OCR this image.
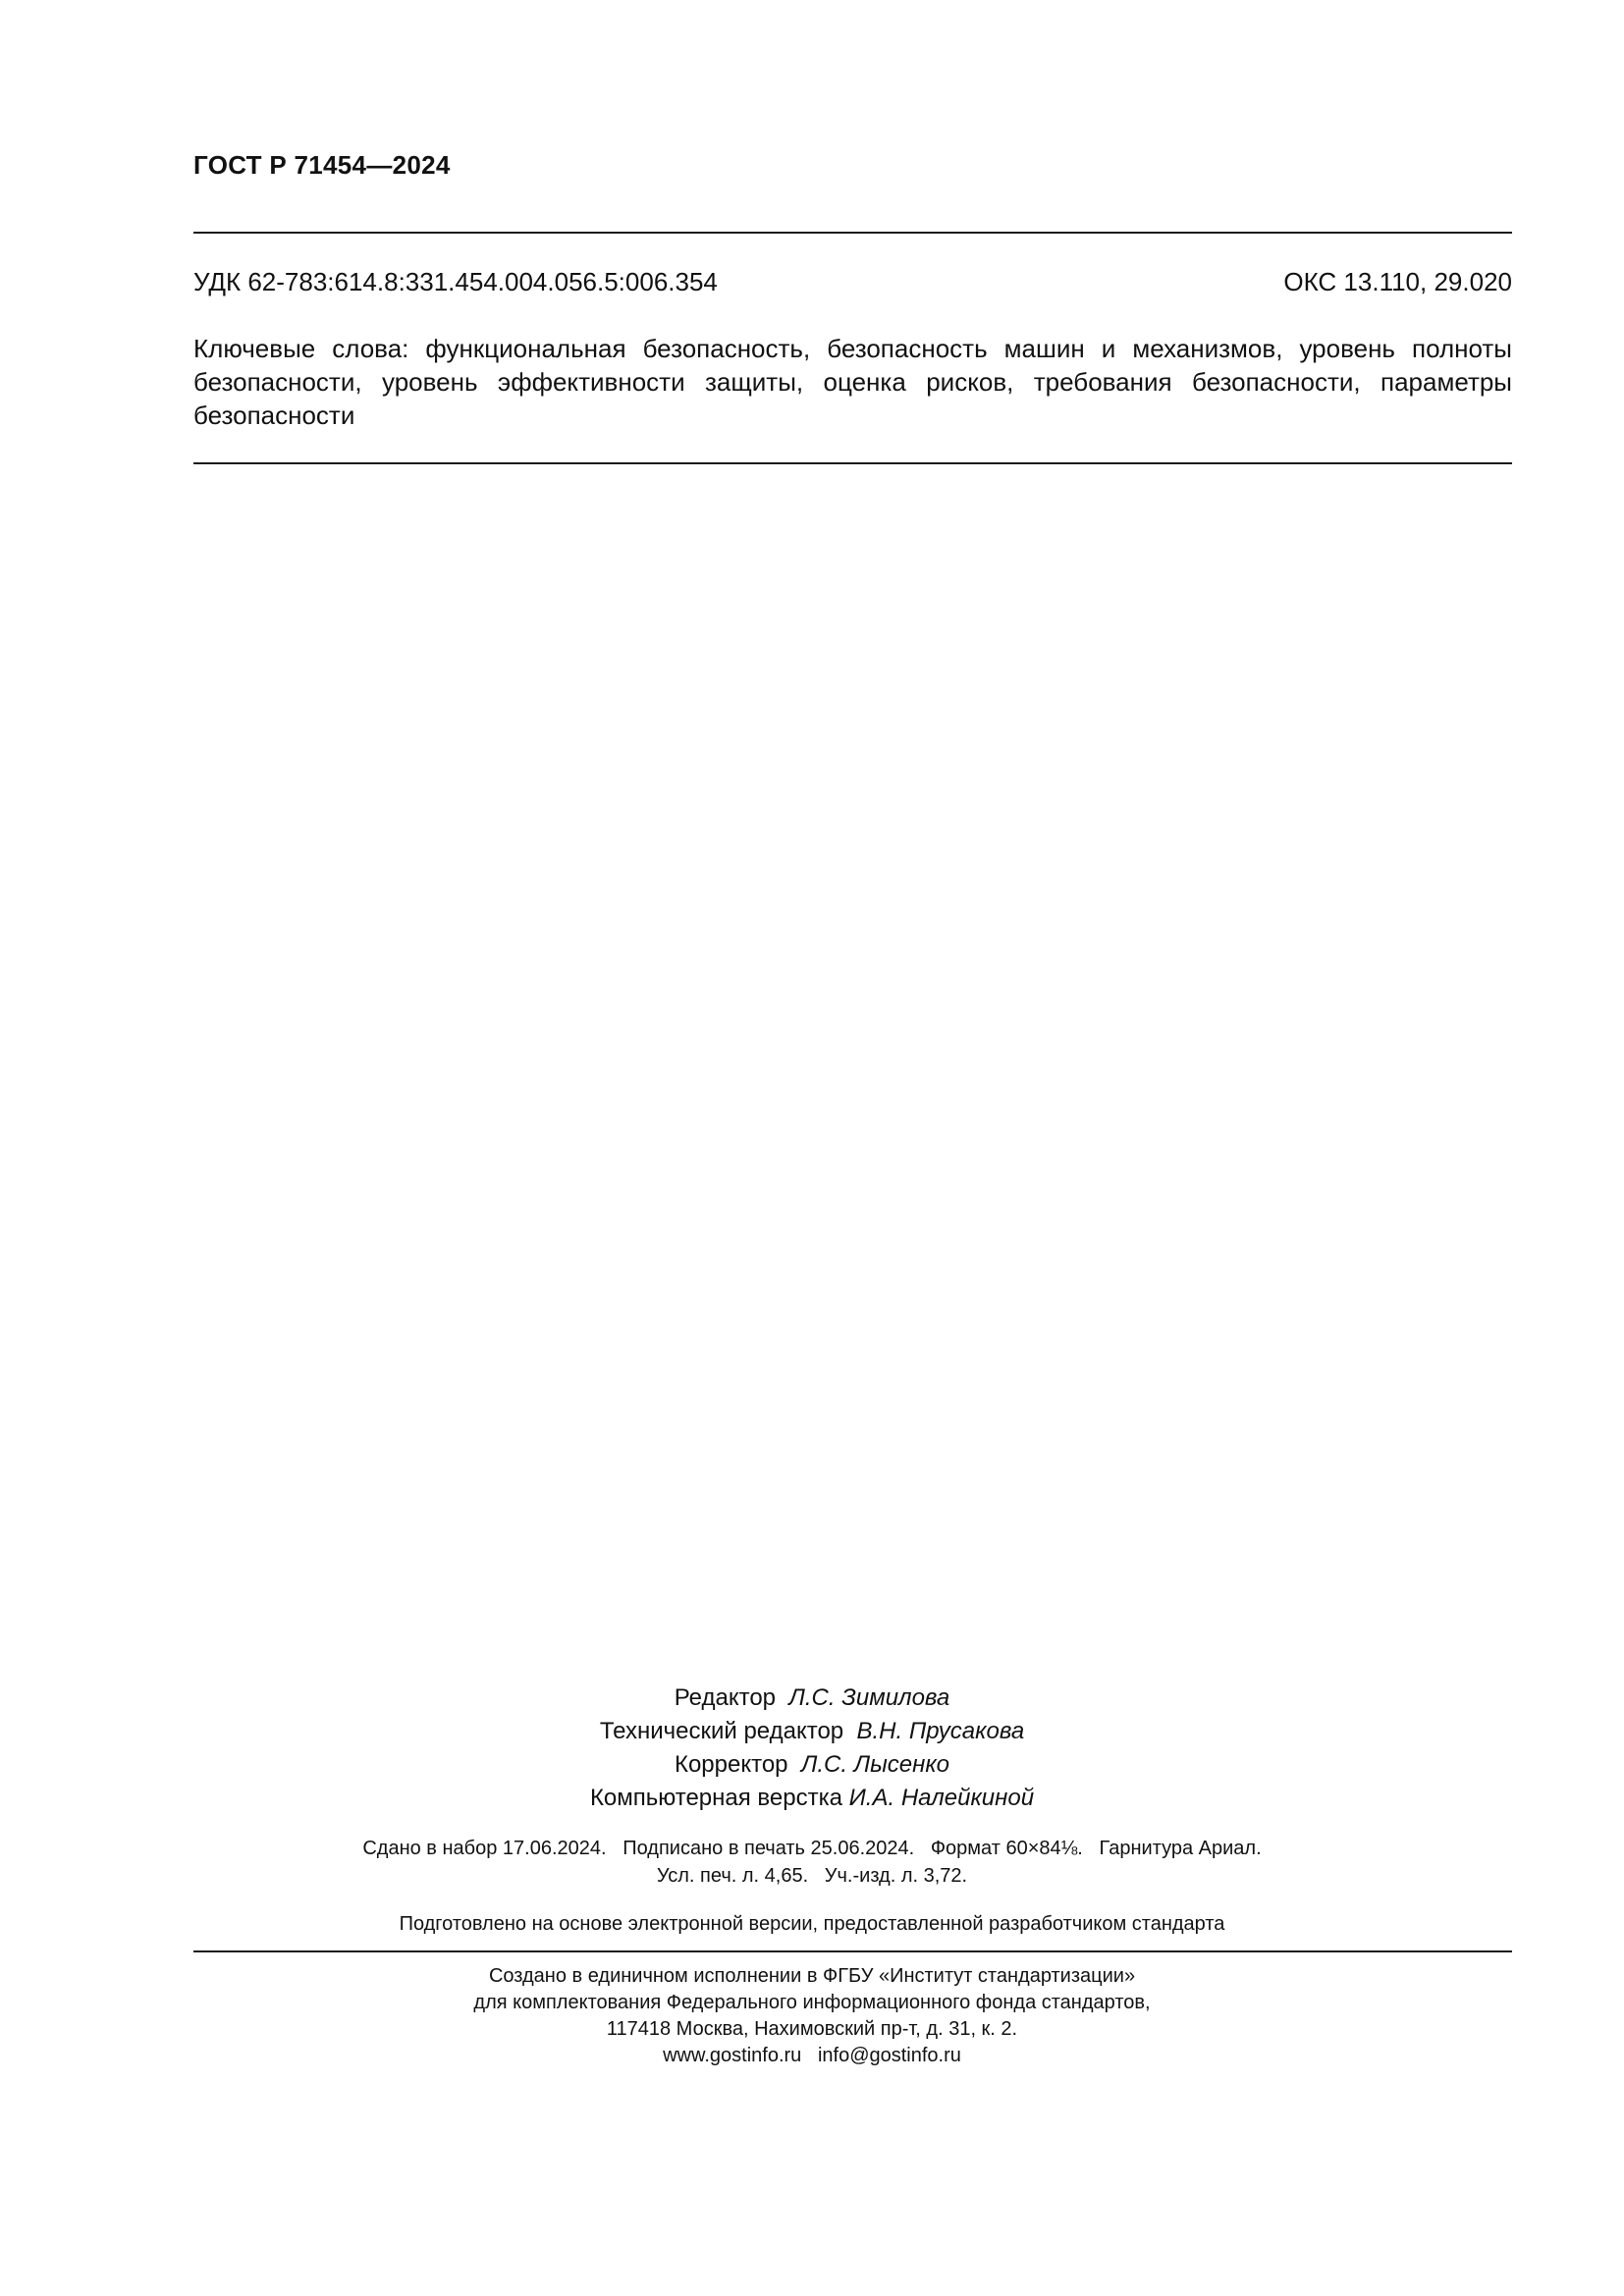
ГОСТ Р 71454—2024
УДК 62-783:614.8:331.454.004.056.5:006.354	ОКС 13.110, 29.020
Ключевые слова: функциональная безопасность, безопасность машин и механизмов, уровень полноты безопасности, уровень эффективности защиты, оценка рисков, требования безопасности, параметры безопасности
Редактор Л.С. Зимилова
Технический редактор В.Н. Прусакова
Корректор Л.С. Лысенко
Компьютерная верстка И.А. Налейкиной
Сдано в набор 17.06.2024.   Подписано в печать 25.06.2024.   Формат 60×84⅛.   Гарнитура Ариал.
Усл. печ. л. 4,65.   Уч.-изд. л. 3,72.
Подготовлено на основе электронной версии, предоставленной разработчиком стандарта
Создано в единичном исполнении в ФГБУ «Институт стандартизации»
для комплектования Федерального информационного фонда стандартов,
117418 Москва, Нахимовский пр-т, д. 31, к. 2.
www.gostinfo.ru info@gostinfo.ru
